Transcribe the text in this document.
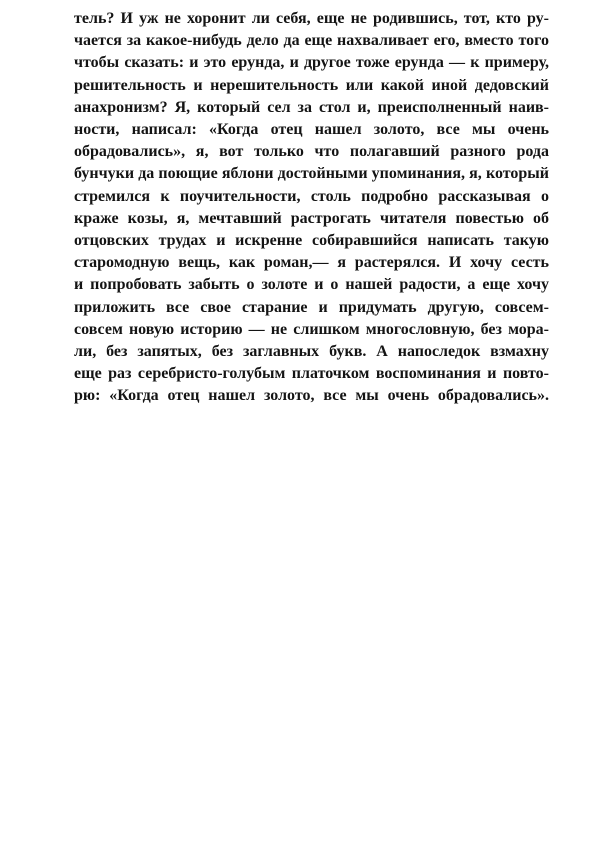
тель? И уж не хоронит ли себя, еще не родившись, тот, кто ру-
чается за какое-нибудь дело да еще нахваливает его, вместо того
чтобы сказать: и это ерунда, и другое тоже ерунда — к примеру,
решительность и нерешительность или какой иной дедовский
анахронизм? Я, который сел за стол и, преисполненный наив-
ности, написал: «Когда отец нашел золото, все мы очень
обрадовались», я, вот только что полагавший разного рода
бунчуки да поющие яблони достойными упоминания, я, который
стремился к поучительности, столь подробно рассказывая о
краже козы, я, мечтавший растрогать читателя повестью об
отцовских трудах и искренне собиравшийся написать такую
старомодную вещь, как роман,— я растерялся. И хочу сесть
и попробовать забыть о золоте и о нашей радости, а еще хочу
приложить все свое старание и придумать другую, совсем-
совсем новую историю — не слишком многословную, без мора-
ли, без запятых, без заглавных букв. А напоследок взмахну
еще раз серебристо-голубым платочком воспоминания и повто-
рю: «Когда отец нашел золото, все мы очень обрадовались».
